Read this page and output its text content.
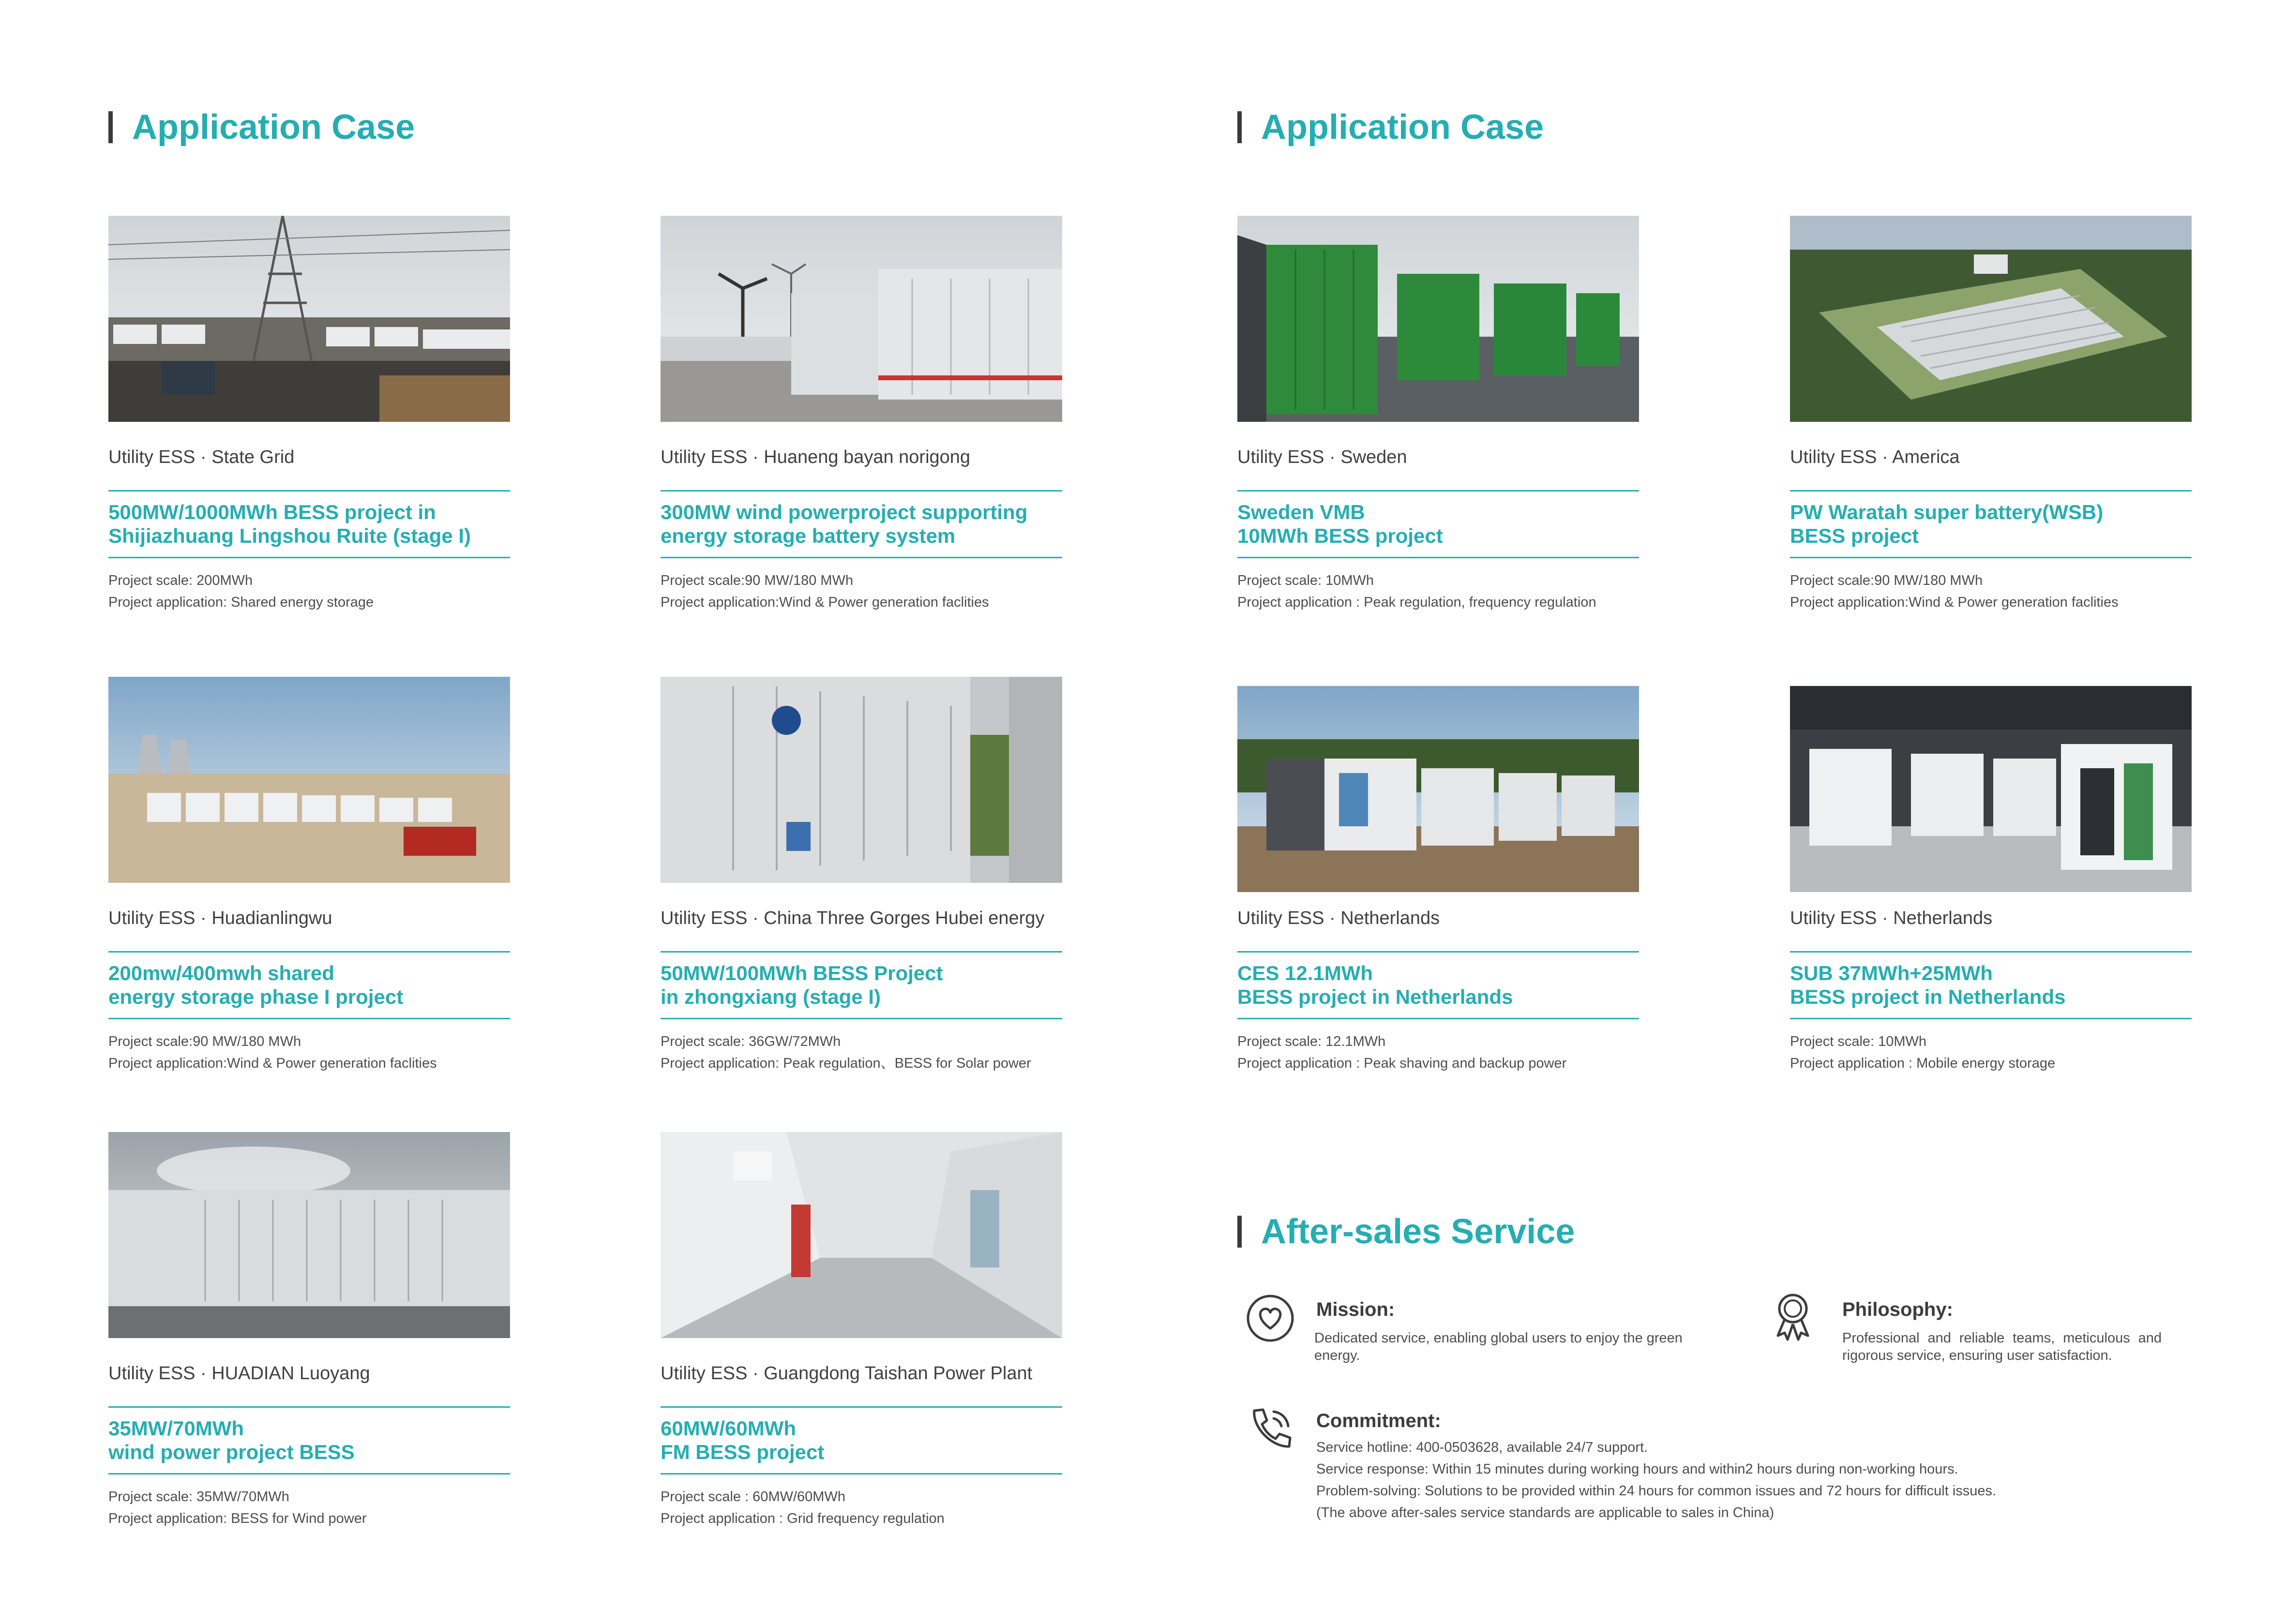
Application Case	Application Case
Utility ESS · State Grid
500MW/1000MWh BESS project in
Shijiazhuang Lingshou Ruite (stage I)
Project scale: 200MWh
Project application: Shared energy storage
Utility ESS · Huaneng bayan norigong
300MW wind powerproject supporting
energy storage battery system
Project scale:90 MW/180 MWh
Project application:Wind & Power generation faclities
Utility ESS · Huadianlingwu
200mw/400mwh shared
energy storage phase I project
Project scale:90 MW/180 MWh
Project application:Wind & Power generation faclities
Utility ESS · China Three Gorges Hubei energy
50MW/100MWh BESS Project
in zhongxiang (stage I)
Project scale: 36GW/72MWh
Project application: Peak regulation、BESS for Solar power
Utility ESS · HUADIAN Luoyang
35MW/70MWh
wind power project BESS
Project scale: 35MW/70MWh
Project application: BESS for Wind power
Utility ESS · Guangdong Taishan Power Plant
60MW/60MWh
FM BESS project
Project scale : 60MW/60MWh
Project application : Grid frequency regulation
Utility ESS · Sweden
Sweden VMB
10MWh BESS project
Project scale: 10MWh
Project application : Peak regulation, frequency regulation
Utility ESS · America
PW Waratah super battery(WSB)
BESS project
Project scale:90 MW/180 MWh
Project application:Wind & Power generation faclities
Utility ESS · Netherlands
CES 12.1MWh
BESS project in Netherlands
Project scale: 12.1MWh
Project application : Peak shaving and backup power
Utility ESS · Netherlands
SUB 37MWh+25MWh
BESS project in Netherlands
Project scale: 10MWh
Project application : Mobile energy storage
After-sales Service
Mission:
Dedicated service, enabling global users to enjoy the green energy.
Philosophy:
Professional and reliable teams, meticulous and rigorous service, ensuring user satisfaction.
Commitment:
Service hotline: 400-0503628, available 24/7 support.
Service response: Within 15 minutes during working hours and within2 hours during non-working hours.
Problem-solving: Solutions to be provided within 24 hours for common issues and 72 hours for difficult issues.
(The above after-sales service standards are applicable to sales in China)
